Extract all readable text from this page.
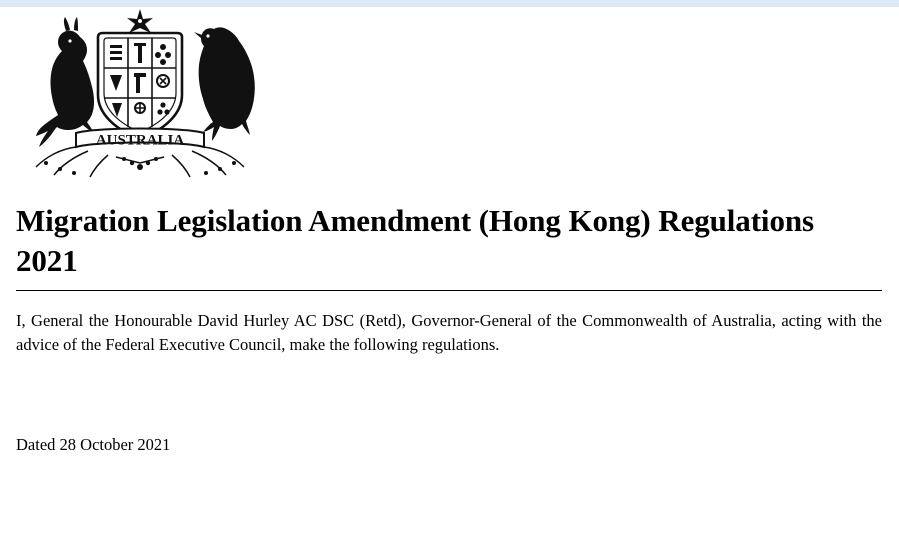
AUSTRALIA
Migration Legislation Amendment (Hong Kong) Regulations 2021

I, General the Honourable David Hurley AC DSC (Retd), Governor-General of the Commonwealth of Australia, acting with the advice of the Federal Executive Council, make the following regulations.

Dated 28 October 2021
